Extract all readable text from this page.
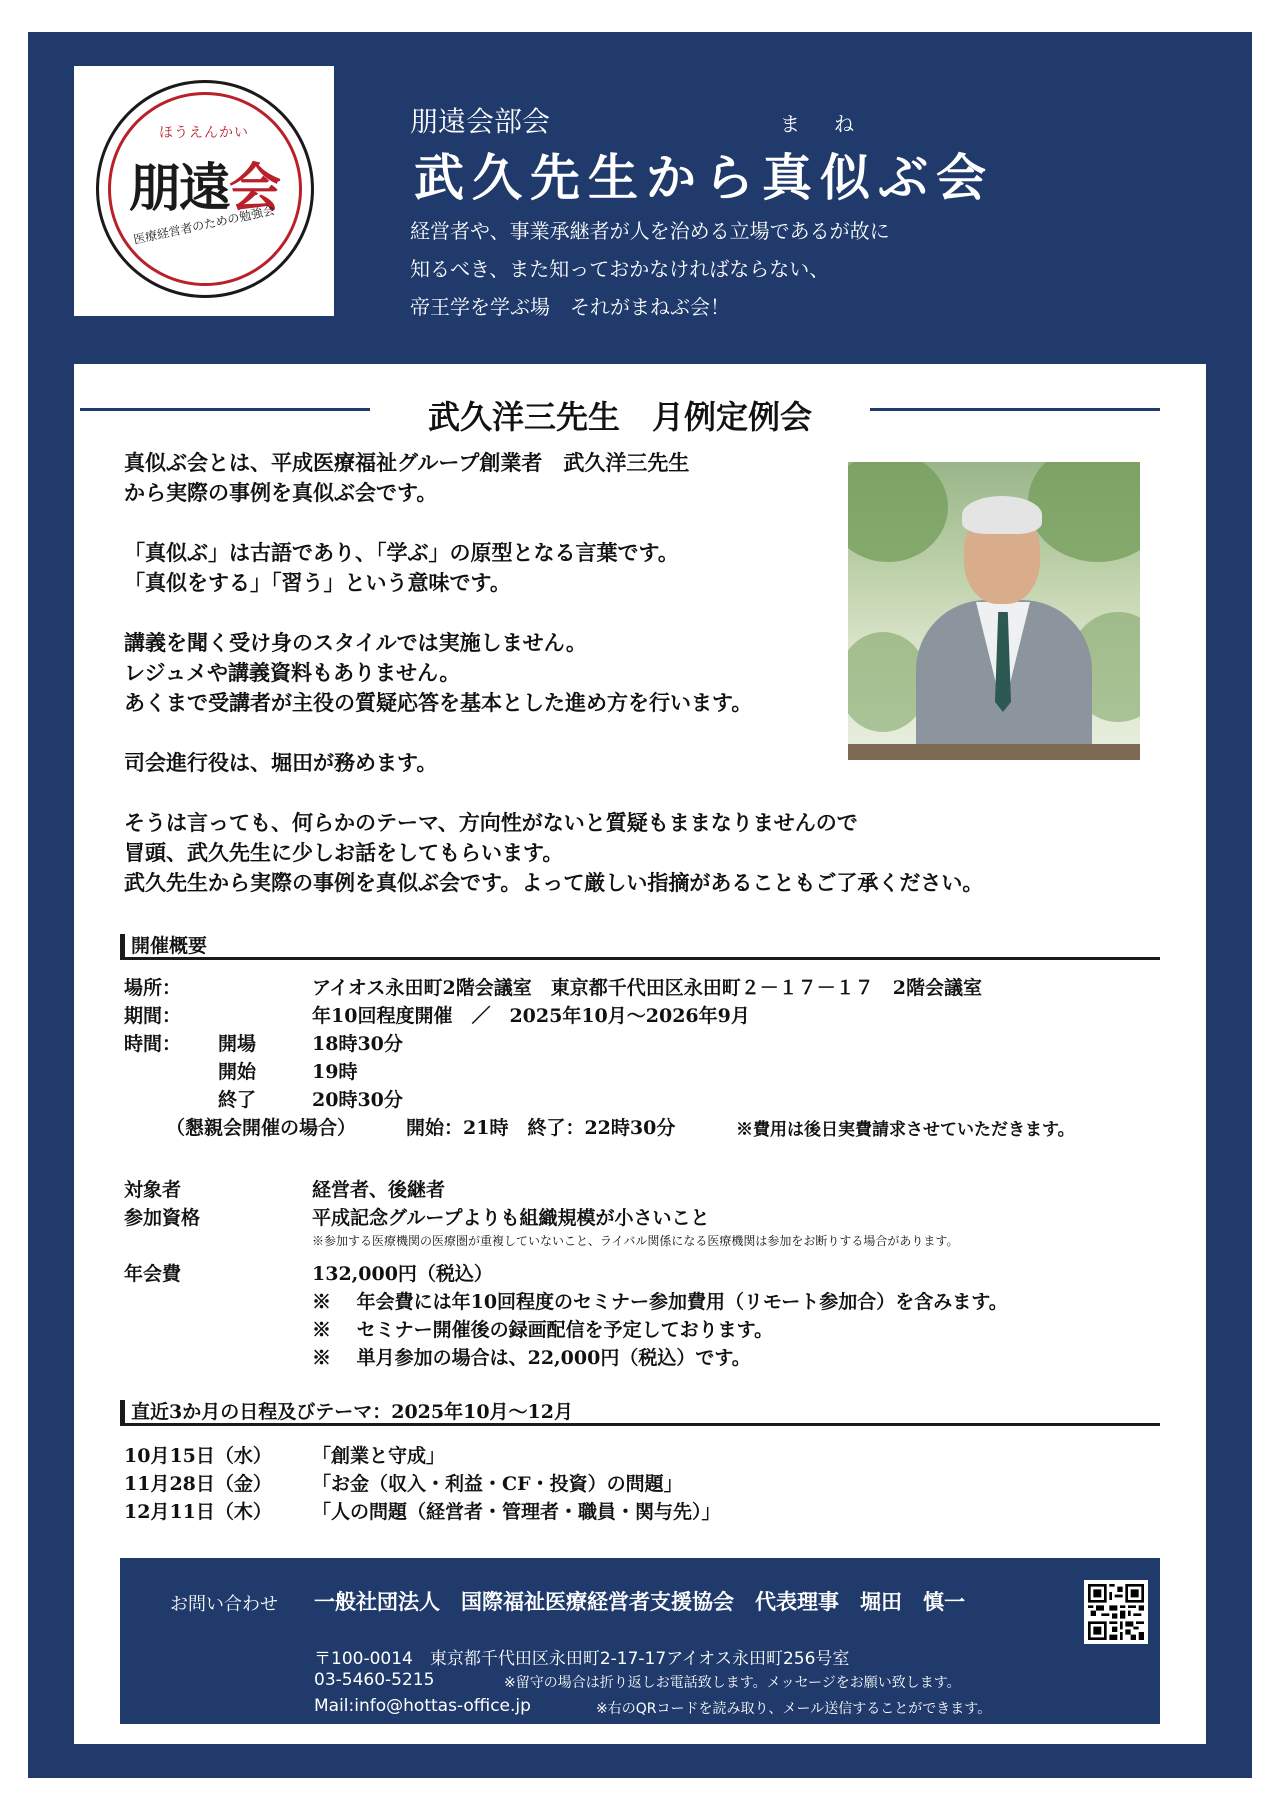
ほうえんかい
朋遠会
医療経営者のための勉強会
朋遠会部会	まね
武久先生から真似ぶ会
経営者や、事業承継者が人を治める立場であるが故に
知るべき、また知っておかなければならない、
帝王学を学ぶ場　それがまねぶ会！
武久洋三先生　月例定例会

真似ぶ会とは、平成医療福祉グループ創業者　武久洋三先生
から実際の事例を真似ぶ会です。

「真似ぶ」は古語であり、「学ぶ」の原型となる言葉です。
「真似をする」「習う」という意味です。

講義を聞く受け身のスタイルでは実施しません。
レジュメや講義資料もありません。
あくまで受講者が主役の質疑応答を基本とした進め方を行います。

司会進行役は、堀田が務めます。

そうは言っても、何らかのテーマ、方向性がないと質疑もままなりませんので
冒頭、武久先生に少しお話をしてもらいます。
武久先生から実際の事例を真似ぶ会です。よって厳しい指摘があることもご了承ください。

開催概要
場所：	アイオス永田町2階会議室　東京都千代田区永田町２－１７－１７　2階会議室
期間：	年10回程度開催　／　2025年10月～2026年9月
時間： 開場	18時30分
開始	19時
終了	20時30分
（懇親会開催の場合）	開始：21時　終了：22時30分	※費用は後日実費請求させていただきます。
対象者	経営者、後継者
参加資格	平成記念グループよりも組織規模が小さいこと
※参加する医療機関の医療圏が重複していないこと、ライバル関係になる医療機関は参加をお断りする場合があります。
年会費	132,000円（税込）
※　 年会費には年10回程度のセミナー参加費用（リモート参加合）を含みます。
※　 セミナー開催後の録画配信を予定しております。
※　 単月参加の場合は、22,000円（税込）です。
直近3か月の日程及びテーマ：2025年10月～12月
10月15日（水） 「創業と守成」
11月28日（金） 「お金（収入・利益・CF・投資）の問題」
12月11日（木） 「人の問題（経営者・管理者・職員・関与先）」
お問い合わせ 一般社団法人　国際福祉医療経営者支援協会　代表理事　堀田　慎一
〒100-0014　東京都千代田区永田町2-17-17アイオス永田町256号室
03-5460-5215	※留守の場合は折り返しお電話致します。メッセージをお願い致します。
Mail:info@hottas-office.jp	※右のQRコードを読み取り、メール送信することができます。
